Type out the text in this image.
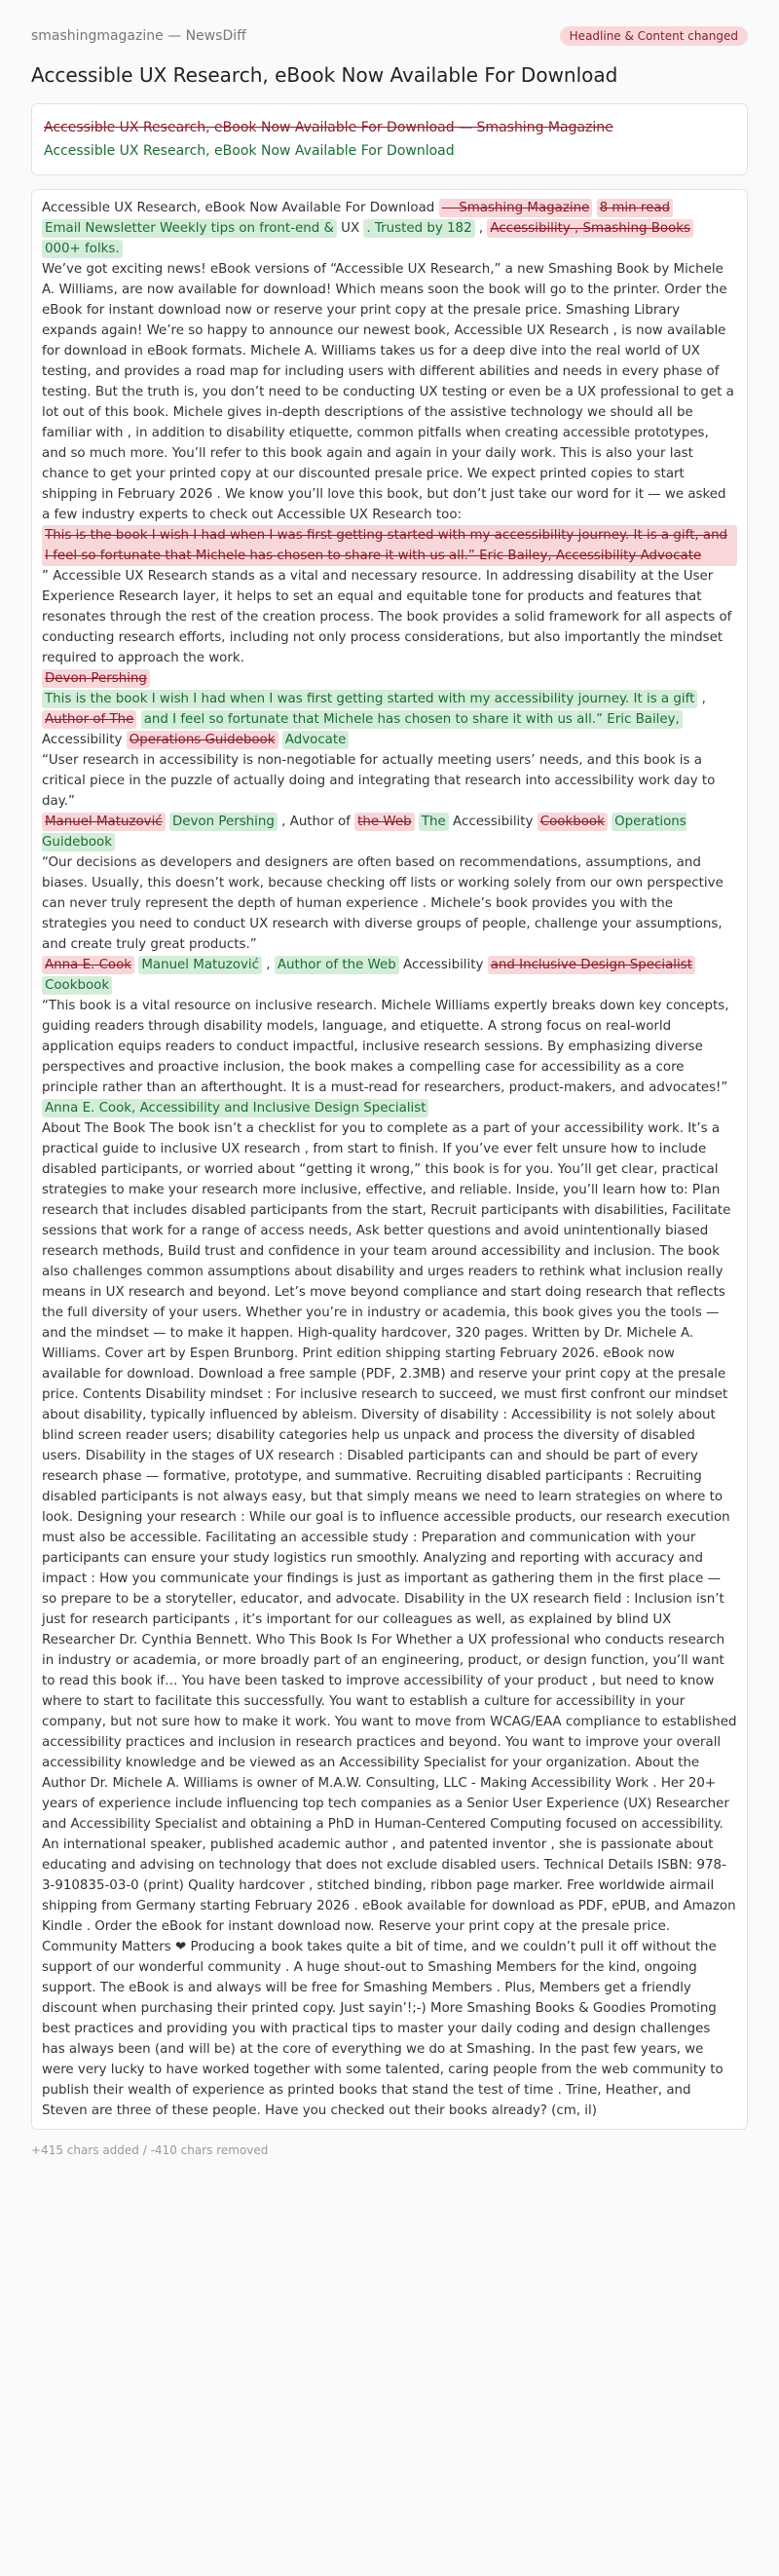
smashingmagazine — NewsDiff	Headline & Content changed
Accessible UX Research, eBook Now Available For Download
Accessible UX Research, eBook Now Available For Download — Smashing Magazine
Accessible UX Research, eBook Now Available For Download
Accessible UX Research, eBook Now Available For Download — Smashing Magazine 8 min read
Email Newsletter Weekly tips on front-end & UX . Trusted by 182 , Accessibility , Smashing Books
000+ folks.
We’ve got exciting news! eBook versions of “Accessible UX Research,” a new Smashing Book by Michele A. Williams, are now available for download! Which means soon the book will go to the printer. Order the eBook for instant download now or reserve your print copy at the presale price. Smashing Library expands again! We’re so happy to announce our newest book, Accessible UX Research , is now available for download in eBook formats. Michele A. Williams takes us for a deep dive into the real world of UX testing, and provides a road map for including users with different abilities and needs in every phase of testing. But the truth is, you don’t need to be conducting UX testing or even be a UX professional to get a lot out of this book. Michele gives in-depth descriptions of the assistive technology we should all be familiar with , in addition to disability etiquette, common pitfalls when creating accessible prototypes, and so much more. You’ll refer to this book again and again in your daily work. This is also your last chance to get your printed copy at our discounted presale price. We expect printed copies to start shipping in February 2026 . We know you’ll love this book, but don’t just take our word for it — we asked a few industry experts to check out Accessible UX Research too:

This is the book I wish I had when I was first getting started with my accessibility journey. It is a gift, and I feel so fortunate that Michele has chosen to share it with us all.” Eric Bailey, Accessibility Advocate
” Accessible UX Research stands as a vital and necessary resource. In addressing disability at the User Experience Research layer, it helps to set an equal and equitable tone for products and features that resonates through the rest of the creation process. The book provides a solid framework for all aspects of conducting research efforts, including not only process considerations, but also importantly the mindset required to approach the work.
Devon Pershing
This is the book I wish I had when I was first getting started with my accessibility journey. It is a gift ,
Author of The and I feel so fortunate that Michele has chosen to share it with us all.” Eric Bailey,
Accessibility Operations Guidebook Advocate
“User research in accessibility is non-negotiable for actually meeting users’ needs, and this book is a critical piece in the puzzle of actually doing and integrating that research into accessibility work day to day.”
Manuel Matuzović Devon Pershing , Author of the Web The Accessibility Cookbook Operations Guidebook
“Our decisions as developers and designers are often based on recommendations, assumptions, and biases. Usually, this doesn’t work, because checking off lists or working solely from our own perspective can never truly represent the depth of human experience . Michele’s book provides you with the strategies you need to conduct UX research with diverse groups of people, challenge your assumptions, and create truly great products.”
Anna E. Cook Manuel Matuzović , Author of the Web Accessibility and Inclusive Design Specialist Cookbook
“This book is a vital resource on inclusive research. Michele Williams expertly breaks down key concepts, guiding readers through disability models, language, and etiquette. A strong focus on real-world application equips readers to conduct impactful, inclusive research sessions. By emphasizing diverse perspectives and proactive inclusion, the book makes a compelling case for accessibility as a core principle rather than an afterthought. It is a must-read for researchers, product-makers, and advocates!”
Anna E. Cook, Accessibility and Inclusive Design Specialist
About The Book The book isn’t a checklist for you to complete as a part of your accessibility work. It’s a practical guide to inclusive UX research , from start to finish. If you’ve ever felt unsure how to include disabled participants, or worried about “getting it wrong,” this book is for you. You’ll get clear, practical strategies to make your research more inclusive, effective, and reliable. Inside, you’ll learn how to: Plan research that includes disabled participants from the start, Recruit participants with disabilities, Facilitate sessions that work for a range of access needs, Ask better questions and avoid unintentionally biased research methods, Build trust and confidence in your team around accessibility and inclusion. The book also challenges common assumptions about disability and urges readers to rethink what inclusion really means in UX research and beyond. Let’s move beyond compliance and start doing research that reflects the full diversity of your users. Whether you’re in industry or academia, this book gives you the tools — and the mindset — to make it happen. High-quality hardcover, 320 pages. Written by Dr. Michele A. Williams. Cover art by Espen Brunborg. Print edition shipping starting February 2026. eBook now available for download. Download a free sample (PDF, 2.3MB) and reserve your print copy at the presale price. Contents Disability mindset : For inclusive research to succeed, we must first confront our mindset about disability, typically influenced by ableism. Diversity of disability : Accessibility is not solely about blind screen reader users; disability categories help us unpack and process the diversity of disabled users. Disability in the stages of UX research : Disabled participants can and should be part of every research phase — formative, prototype, and summative. Recruiting disabled participants : Recruiting disabled participants is not always easy, but that simply means we need to learn strategies on where to look. Designing your research : While our goal is to influence accessible products, our research execution must also be accessible. Facilitating an accessible study : Preparation and communication with your participants can ensure your study logistics run smoothly. Analyzing and reporting with accuracy and impact : How you communicate your findings is just as important as gathering them in the first place — so prepare to be a storyteller, educator, and advocate. Disability in the UX research field : Inclusion isn’t just for research participants , it’s important for our colleagues as well, as explained by blind UX Researcher Dr. Cynthia Bennett. Who This Book Is For Whether a UX professional who conducts research in industry or academia, or more broadly part of an engineering, product, or design function, you’ll want to read this book if… You have been tasked to improve accessibility of your product , but need to know where to start to facilitate this successfully. You want to establish a culture for accessibility in your company, but not sure how to make it work. You want to move from WCAG/EAA compliance to established accessibility practices and inclusion in research practices and beyond. You want to improve your overall accessibility knowledge and be viewed as an Accessibility Specialist for your organization. About the Author Dr. Michele A. Williams is owner of M.A.W. Consulting, LLC - Making Accessibility Work . Her 20+ years of experience include influencing top tech companies as a Senior User Experience (UX) Researcher and Accessibility Specialist and obtaining a PhD in Human-Centered Computing focused on accessibility. An international speaker, published academic author , and patented inventor , she is passionate about educating and advising on technology that does not exclude disabled users. Technical Details ISBN: 978-3-910835-03-0 (print) Quality hardcover , stitched binding, ribbon page marker. Free worldwide airmail shipping from Germany starting February 2026 . eBook available for download as PDF, ePUB, and Amazon Kindle . Order the eBook for instant download now. Reserve your print copy at the presale price. Community Matters ❤ Producing a book takes quite a bit of time, and we couldn’t pull it off without the support of our wonderful community . A huge shout-out to Smashing Members for the kind, ongoing support. The eBook is and always will be free for Smashing Members . Plus, Members get a friendly discount when purchasing their printed copy. Just sayin’!;-) More Smashing Books & Goodies Promoting best practices and providing you with practical tips to master your daily coding and design challenges has always been (and will be) at the core of everything we do at Smashing. In the past few years, we were very lucky to have worked together with some talented, caring people from the web community to publish their wealth of experience as printed books that stand the test of time . Trine, Heather, and Steven are three of these people. Have you checked out their books already? (cm, il)
+415 chars added / -410 chars removed
